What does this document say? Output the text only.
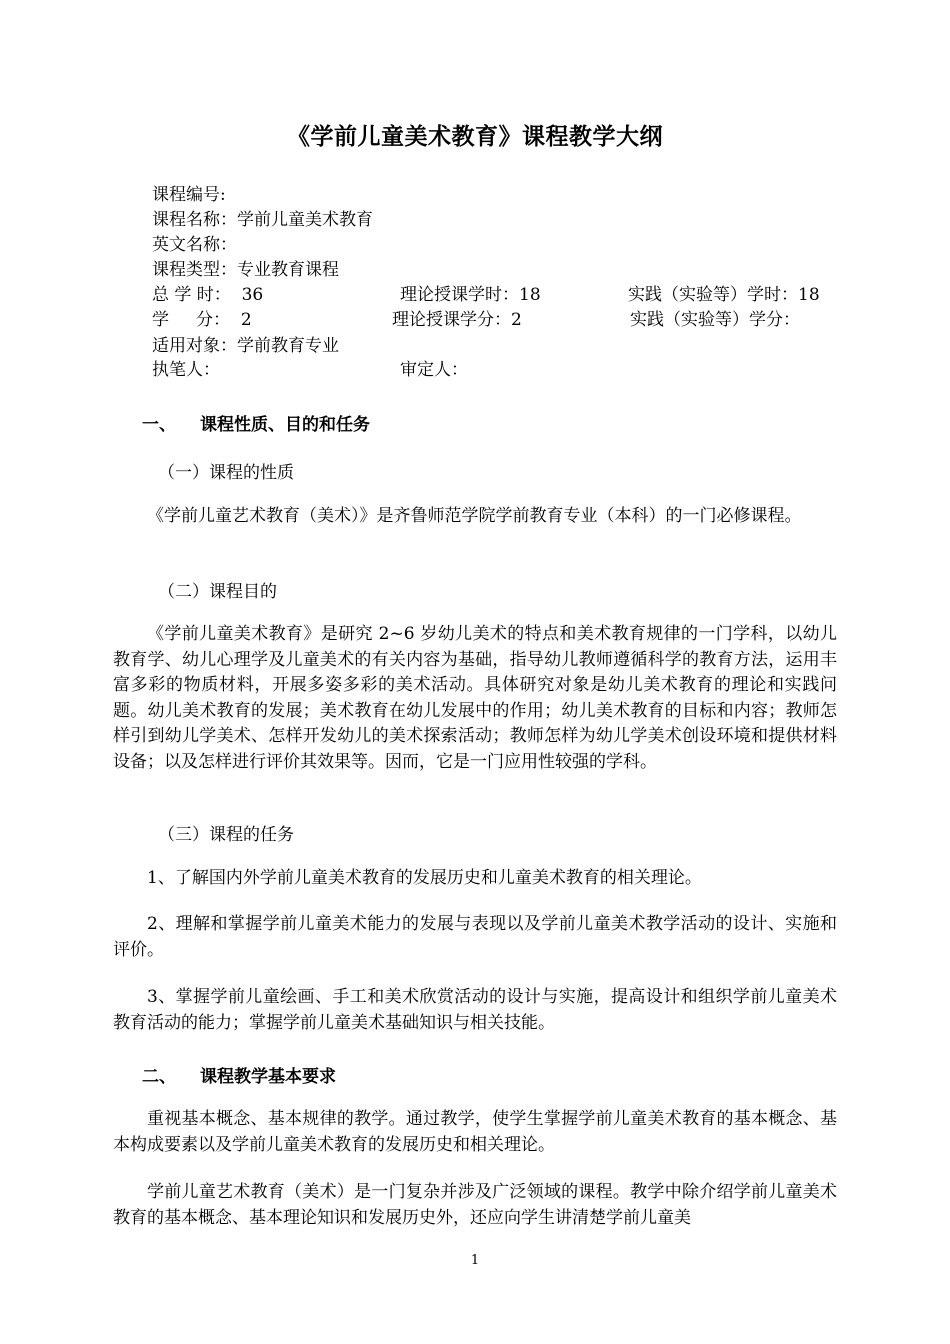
《学前儿童美术教育》课程教学大纲
课程编号:
课程名称：学前儿童美术教育
英文名称：
课程类型：专业教育课程
总 学 时：  36	理论授课学时：18	实践（实验等）学时：18
学     分：  2	理论授课学分：2	实践（实验等）学分：
适用对象：学前教育专业
执笔人：	审定人：
一、 课程性质、目的和任务
（一）课程的性质

《学前儿童艺术教育（美术）》是齐鲁师范学院学前教育专业（本科）的一门必修课程。

（二）课程目的

《学前儿童美术教育》是研究 2~6 岁幼儿美术的特点和美术教育规律的一门学科，以幼儿教育学、幼儿心理学及儿童美术的有关内容为基础，指导幼儿教师遵循科学的教育方法，运用丰富多彩的物质材料，开展多姿多彩的美术活动。具体研究对象是幼儿美术教育的理论和实践问题。幼儿美术教育的发展；美术教育在幼儿发展中的作用；幼儿美术教育的目标和内容；教师怎样引到幼儿学美术、怎样开发幼儿的美术探索活动；教师怎样为幼儿学美术创设环境和提供材料设备；以及怎样进行评价其效果等。因而，它是一门应用性较强的学科。

（三）课程的任务

1、了解国内外学前儿童美术教育的发展历史和儿童美术教育的相关理论。

2、理解和掌握学前儿童美术能力的发展与表现以及学前儿童美术教学活动的设计、实施和评价。

3、掌握学前儿童绘画、手工和美术欣赏活动的设计与实施，提高设计和组织学前儿童美术教育活动的能力；掌握学前儿童美术基础知识与相关技能。

二、 课程教学基本要求

重视基本概念、基本规律的教学。通过教学，使学生掌握学前儿童美术教育的基本概念、基本构成要素以及学前儿童美术教育的发展历史和相关理论。

学前儿童艺术教育（美术）是一门复杂并涉及广泛领域的课程。教学中除介绍学前儿童美术教育的基本概念、基本理论知识和发展历史外，还应向学生讲清楚学前儿童美

1
